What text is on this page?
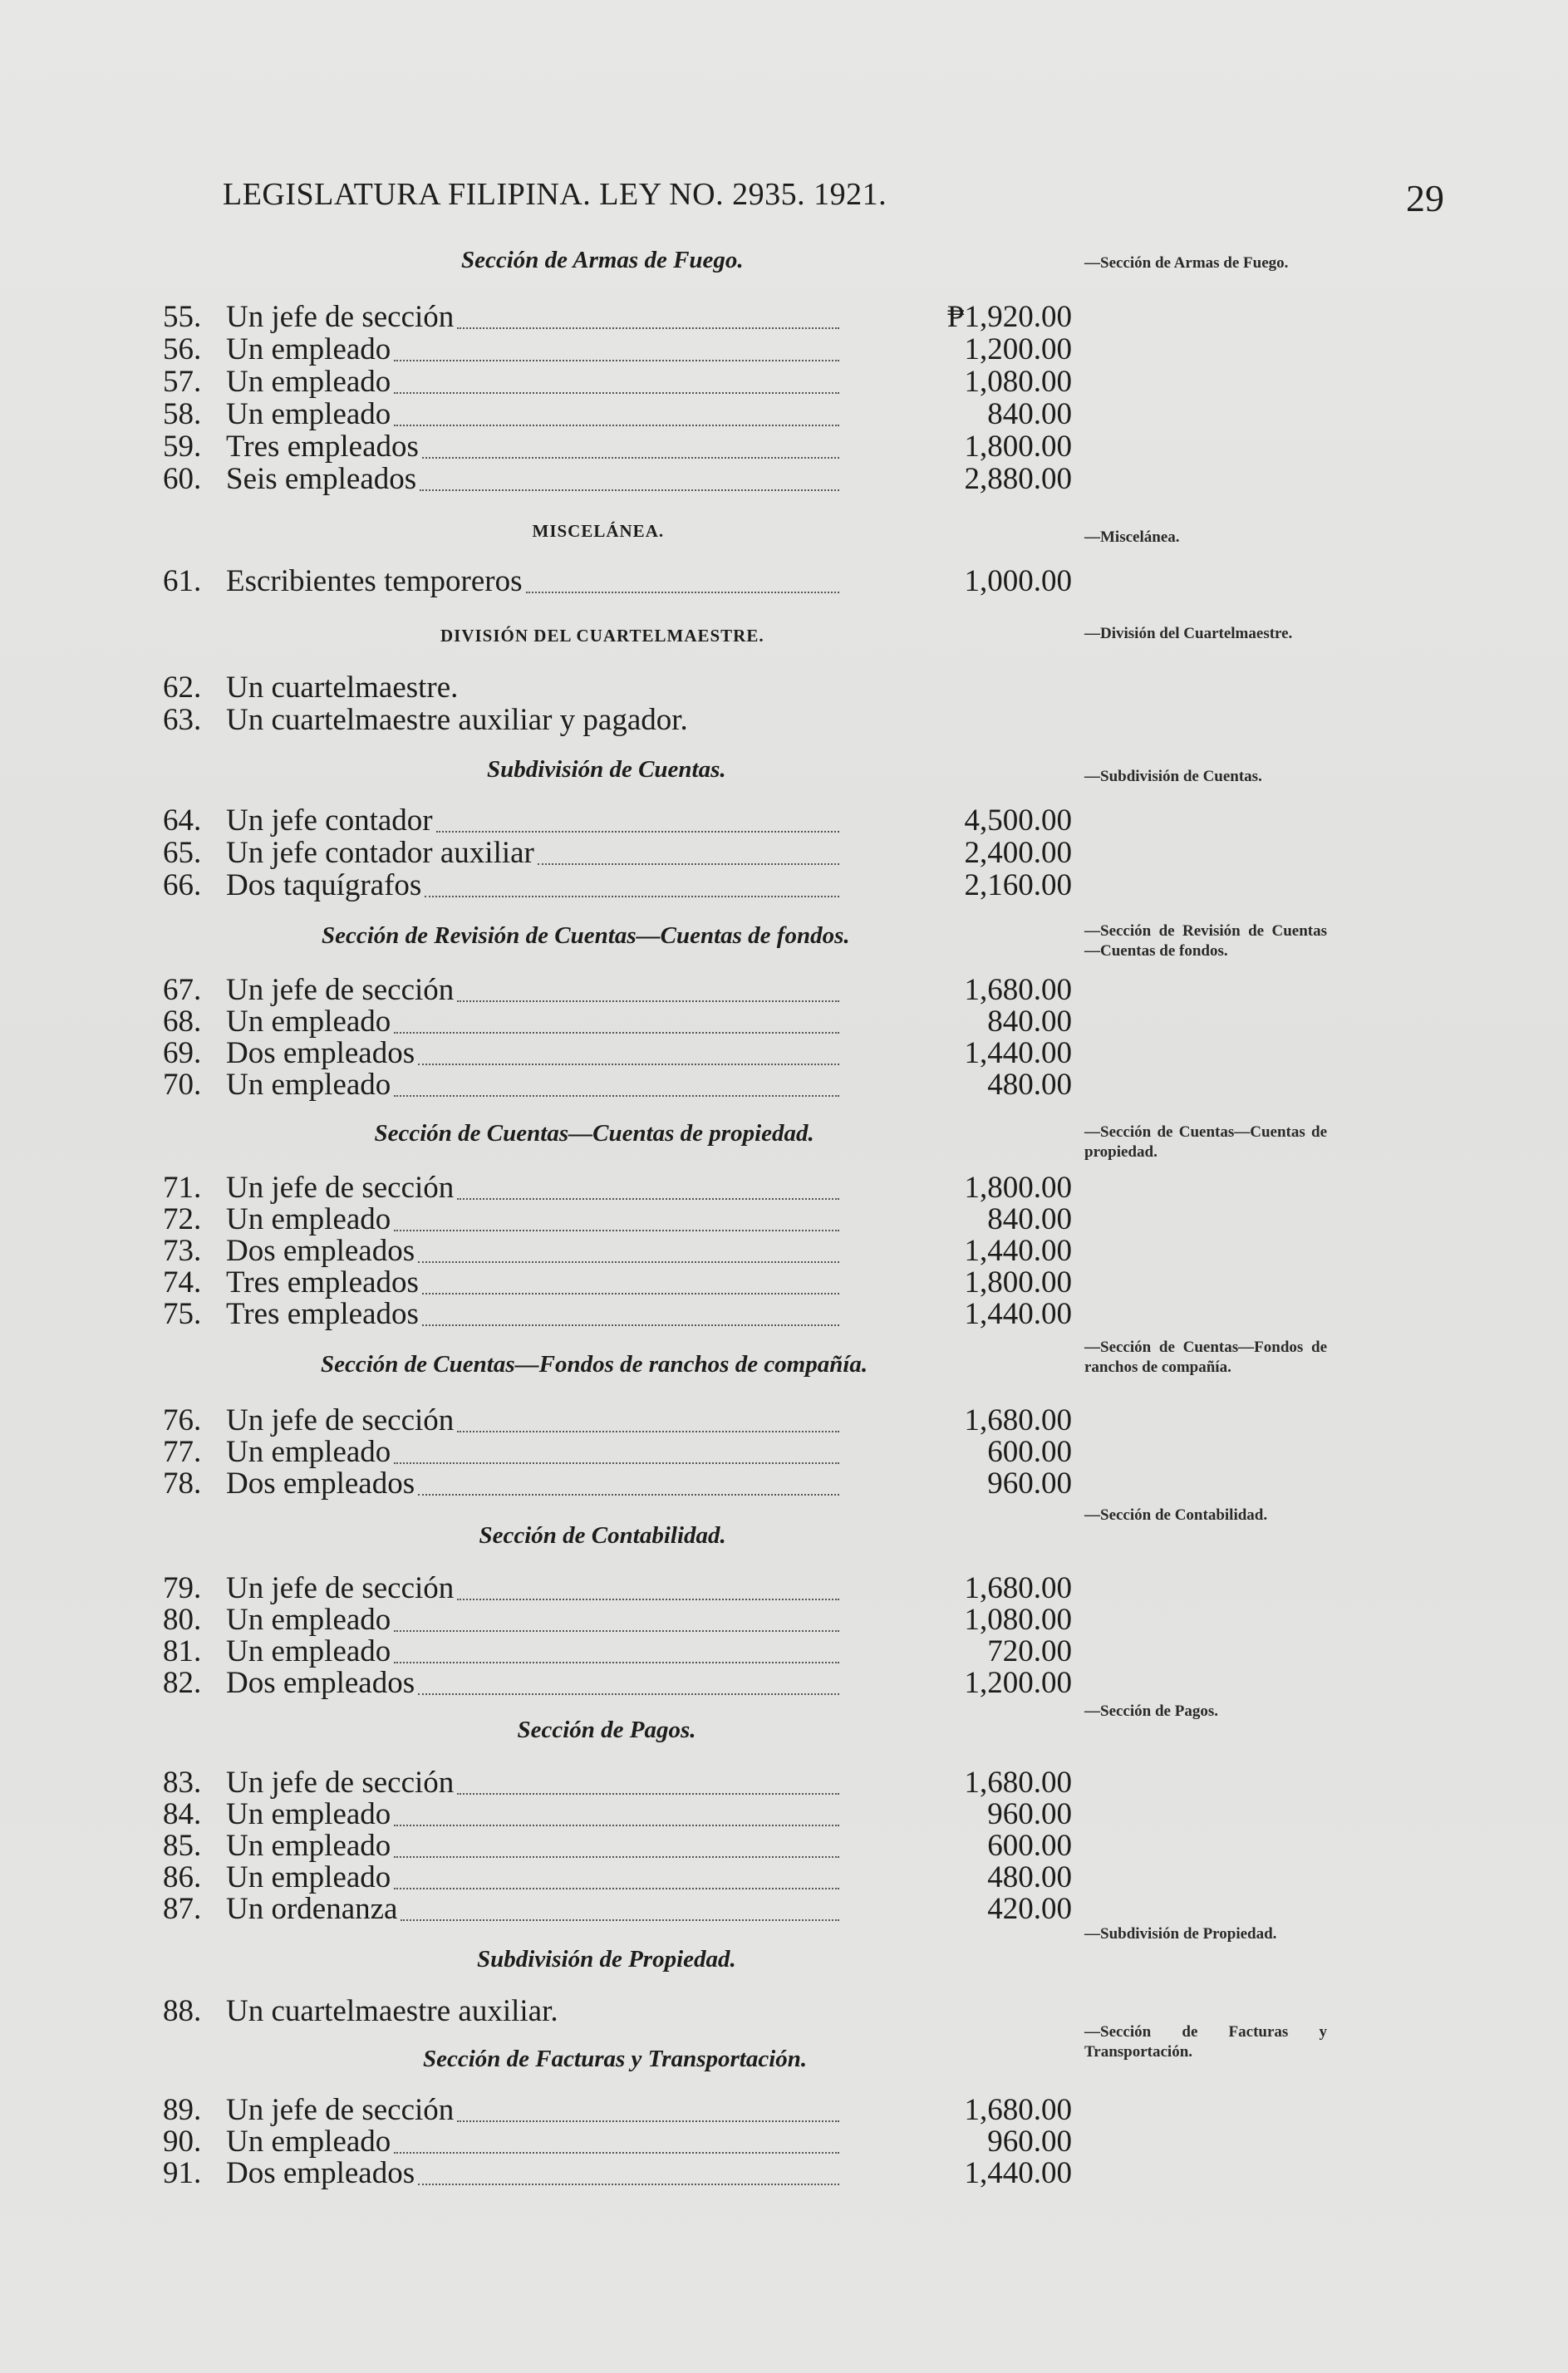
LEGISLATURA FILIPINA. LEY NO. 2935. 1921.	29
Sección de Armas de Fuego.	—Sección de Armas de Fuego.
55. Un jefe de sección	₱1,920.00
56. Un empleado	1,200.00
57. Un empleado	1,080.00
58. Un empleado	840.00
59. Tres empleados	1,800.00
60. Seis empleados	2,880.00
MISCELÁNEA.	—Miscelánea.
61. Escribientes temporeros	1,000.00
DIVISIÓN DEL CUARTELMAESTRE.	—División del Cuartelmaestre.
62. Un cuartelmaestre.
63. Un cuartelmaestre auxiliar y pagador.
Subdivisión de Cuentas.	—Subdivisión de Cuentas.
64. Un jefe contador	4,500.00
65. Un jefe contador auxiliar	2,400.00
66. Dos taquígrafos	2,160.00
Sección de Revisión de Cuentas—Cuentas de fondos.	—Sección de Revisión de Cuentas—Cuentas de fondos.
67. Un jefe de sección	1,680.00
68. Un empleado	840.00
69. Dos empleados	1,440.00
70. Un empleado	480.00
Sección de Cuentas—Cuentas de propiedad.	—Sección de Cuentas—Cuentas de propiedad.
71. Un jefe de sección	1,800.00
72. Un empleado	840.00
73. Dos empleados	1,440.00
74. Tres empleados	1,800.00
75. Tres empleados	1,440.00
Sección de Cuentas—Fondos de ranchos de compañía.
—Sección de Cuentas—Fondos de ranchos de compañía.
76. Un jefe de sección	1,680.00
77. Un empleado	600.00
78. Dos empleados	960.00
Sección de Contabilidad.
—Sección de Contabilidad.
79. Un jefe de sección	1,680.00
80. Un empleado	1,080.00
81. Un empleado	720.00
82. Dos empleados	1,200.00
Sección de Pagos.
—Sección de Pagos.
83. Un jefe de sección	1,680.00
84. Un empleado	960.00
85. Un empleado	600.00
86. Un empleado	480.00
87. Un ordenanza	420.00
Subdivisión de Propiedad.
—Subdivisión de Propiedad.
88. Un cuartelmaestre auxiliar.
Sección de Facturas y Transportación.
—Sección de Facturas y Transportación.
89. Un jefe de sección	1,680.00
90. Un empleado	960.00
91. Dos empleados	1,440.00
